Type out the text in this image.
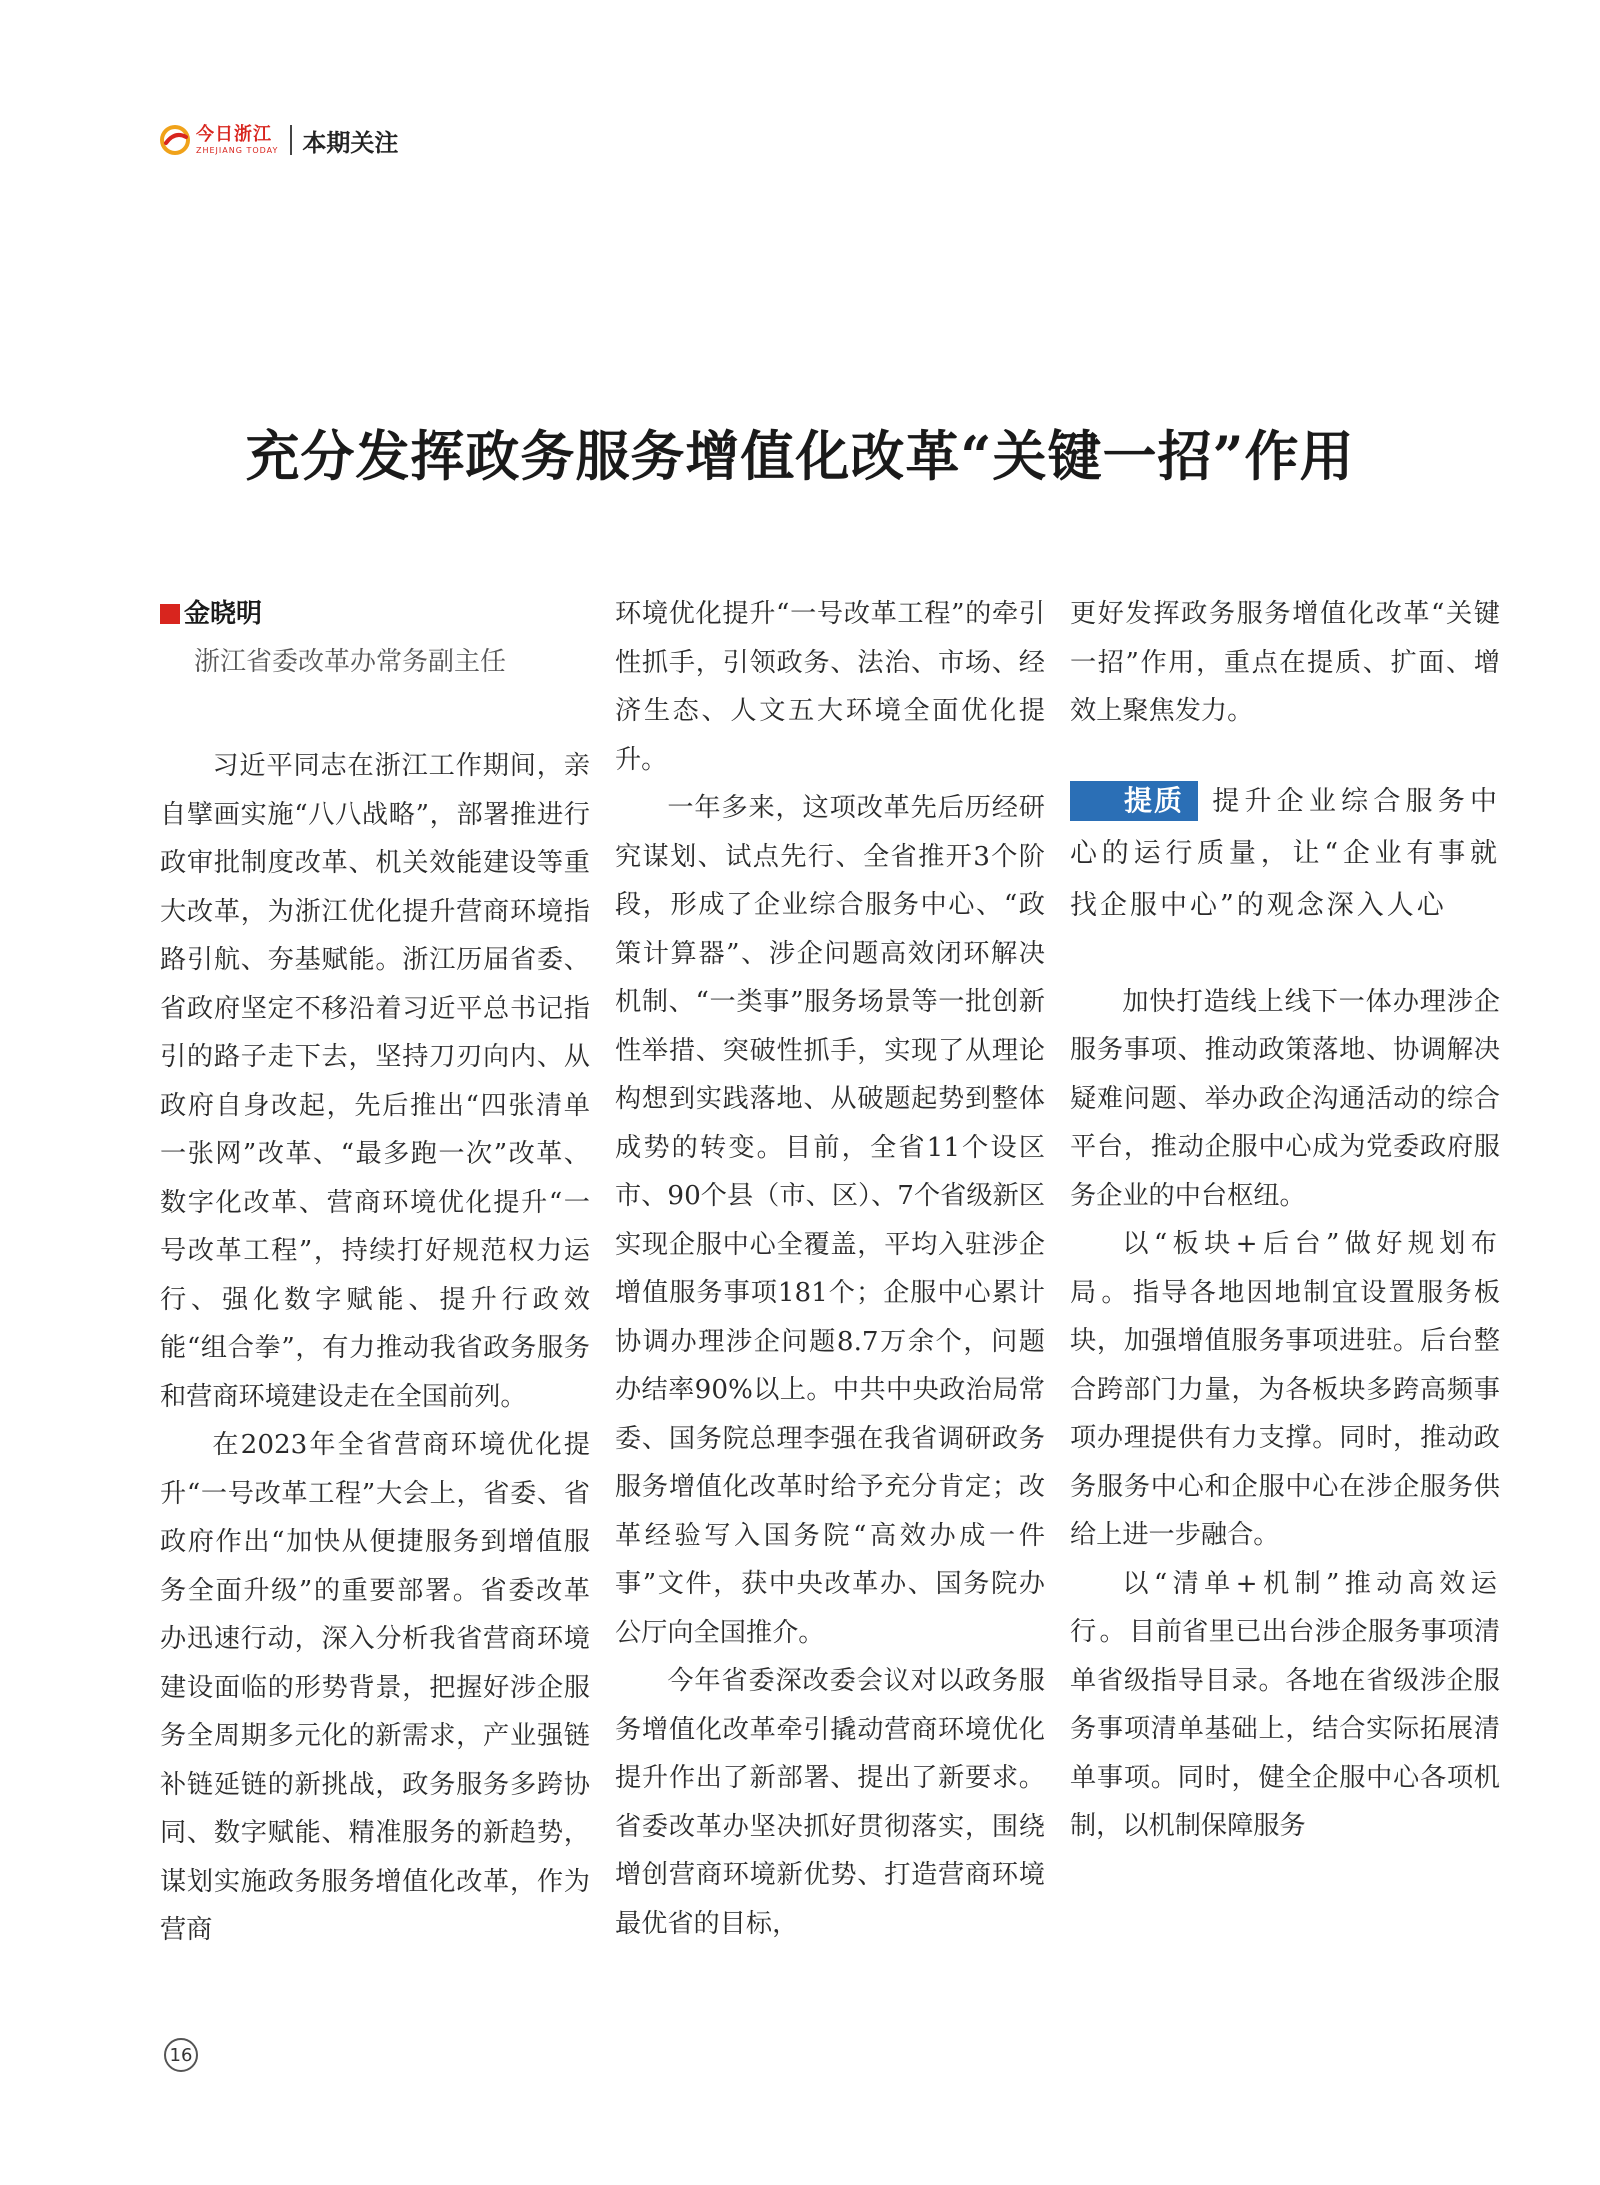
今日浙江
ZHEJIANG TODAY 本期关注
充分发挥政务服务增值化改革“关键一招”作用
金晓明
浙江省委改革办常务副主任

习近平同志在浙江工作期间，亲自擘画实施“八八战略”，部署推进行政审批制度改革、机关效能建设等重大改革，为浙江优化提升营商环境指路引航、夯基赋能。浙江历届省委、省政府坚定不移沿着习近平总书记指引的路子走下去，坚持刀刃向内、从政府自身改起，先后推出“四张清单一张网”改革、“最多跑一次”改革、数字化改革、营商环境优化提升“一号改革工程”，持续打好规范权力运行、强化数字赋能、提升行政效能“组合拳”，有力推动我省政务服务和营商环境建设走在全国前列。

在2023年全省营商环境优化提升“一号改革工程”大会上，省委、省政府作出“加快从便捷服务到增值服务全面升级”的重要部署。省委改革办迅速行动，深入分析我省营商环境建设面临的形势背景，把握好涉企服务全周期多元化的新需求，产业强链补链延链的新挑战，政务服务多跨协同、数字赋能、精准服务的新趋势，谋划实施政务服务增值化改革，作为营商

环境优化提升“一号改革工程”的牵引性抓手，引领政务、法治、市场、经济生态、人文五大环境全面优化提升。

一年多来，这项改革先后历经研究谋划、试点先行、全省推开3个阶段，形成了企业综合服务中心、“政策计算器”、涉企问题高效闭环解决机制、“一类事”服务场景等一批创新性举措、突破性抓手，实现了从理论构想到实践落地、从破题起势到整体成势的转变。目前，全省11个设区市、90个县（市、区）、7个省级新区实现企服中心全覆盖，平均入驻涉企增值服务事项181个；企服中心累计协调办理涉企问题8.7万余个，问题办结率90%以上。中共中央政治局常委、国务院总理李强在我省调研政务服务增值化改革时给予充分肯定；改革经验写入国务院“高效办成一件事”文件，获中央改革办、国务院办公厅向全国推介。

今年省委深改委会议对以政务服务增值化改革牵引撬动营商环境优化提升作出了新部署、提出了新要求。省委改革办坚决抓好贯彻落实，围绕增创营商环境新优势、打造营商环境最优省的目标，

更好发挥政务服务增值化改革“关键一招”作用，重点在提质、扩面、增效上聚焦发力。

提质 提升企业综合服务中心的运行质量，让“企业有事就找企服中心”的观念深入人心

加快打造线上线下一体办理涉企服务事项、推动政策落地、协调解决疑难问题、举办政企沟通活动的综合平台，推动企服中心成为党委政府服务企业的中台枢纽。

以“板块+后台”做好规划布局。指导各地因地制宜设置服务板块，加强增值服务事项进驻。后台整合跨部门力量，为各板块多跨高频事项办理提供有力支撑。同时，推动政务服务中心和企服中心在涉企服务供给上进一步融合。

以“清单+机制”推动高效运行。目前省里已出台涉企服务事项清单省级指导目录。各地在省级涉企服务事项清单基础上，结合实际拓展清单事项。同时，健全企服中心各项机制，以机制保障服务

16
